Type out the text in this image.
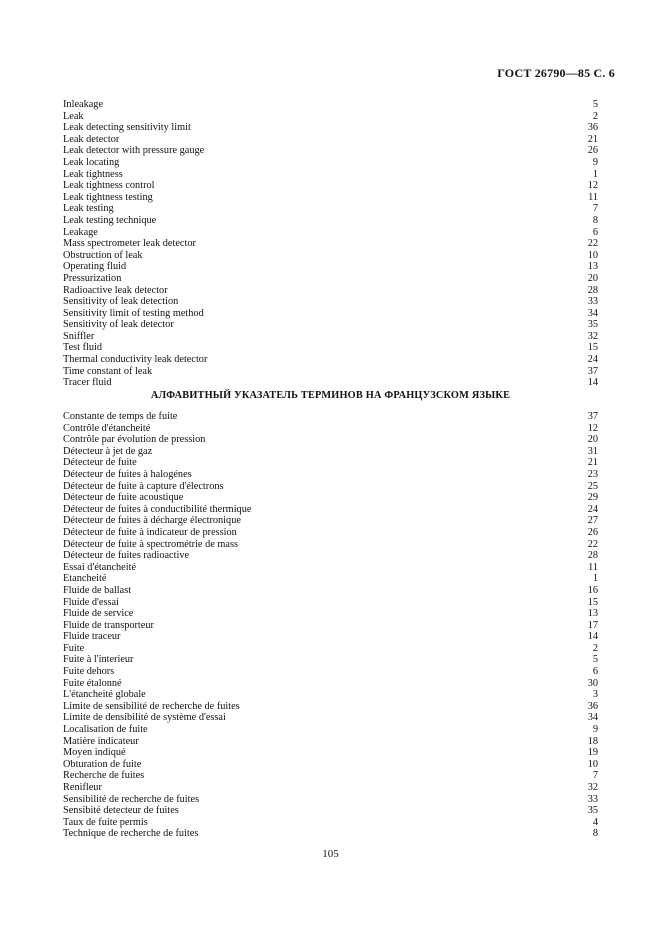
ГОСТ 26790—85 С. 6
Inleakage	5
Leak	2
Leak detecting sensitivity limit	36
Leak detector	21
Leak detector with pressure gauge	26
Leak locating	9
Leak tightness	1
Leak tightness control	12
Leak tightness testing	11
Leak testing	7
Leak testing technique	8
Leakage	6
Mass spectrometer leak detector	22
Obstruction of leak	10
Operating fluid	13
Pressurization	20
Radioactive leak detector	28
Sensitivity of leak detection	33
Sensitivity limit of testing method	34
Sensitivity of leak detector	35
Sniffler	32
Test fluid	15
Thermal conductivity leak detector	24
Time constant of leak	37
Tracer fluid	14
АЛФАВИТНЫЙ УКАЗАТЕЛЬ ТЕРМИНОВ НА ФРАНЦУЗСКОМ ЯЗЫКЕ
Constante de temps de fuite	37
Contrôle d'étancheité	12
Contrôle par évolution de pression	20
Détecteur à jet de gaz	31
Détecteur de fuite	21
Détecteur de fuites à halogénes	23
Détecteur de fuite à capture d'électrons	25
Détecteur de fuite acoustique	29
Détecteur de fuites à conductibilité thermique	24
Détecteur de fuites à décharge électronique	27
Détecteur de fuite à indicateur de pression	26
Détecteur de fuite à spectrométrie de mass	22
Détecteur de fuites radioactive	28
Essai d'étancheité	11
Etancheité	1
Fluide de ballast	16
Fluide d'essai	15
Fluide de service	13
Fluide de transporteur	17
Fluide traceur	14
Fuite	2
Fuite à l'interieur	5
Fuite dehors	6
Fuite étalonné	30
L'étancheité globale	3
Limite de sensibilité de recherche de fuites	36
Limite de densibilité de système d'essai	34
Localisation de fuite	9
Matière indicateur	18
Moyen indiqué	19
Obturation de fuite	10
Recherche de fuites	7
Renifleur	32
Sensibilité de recherche de fuites	33
Sensibité detecteur de fuites	35
Taux de fuite permis	4
Technique de recherche de fuites	8
105
